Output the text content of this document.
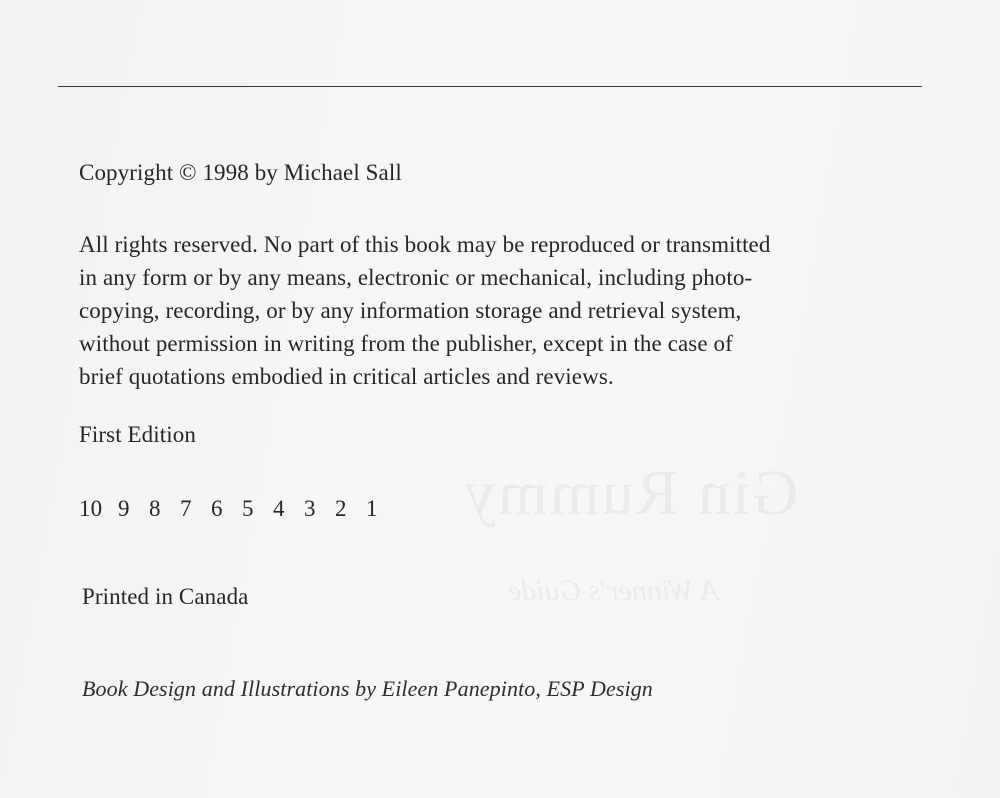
Gin Rummy
A Winner's Guide
Copyright © 1998 by Michael Sall
All rights reserved. No part of this book may be reproduced or transmitted
in any form or by any means, electronic or mechanical, including photo-
copying, recording, or by any information storage and retrieval system,
without permission in writing from the publisher, except in the case of
brief quotations embodied in critical articles and reviews.
First Edition
10 9 8 7 6 5 4 3 2 1
Printed in Canada
Book Design and Illustrations by Eileen Panepinto, ESP Design
